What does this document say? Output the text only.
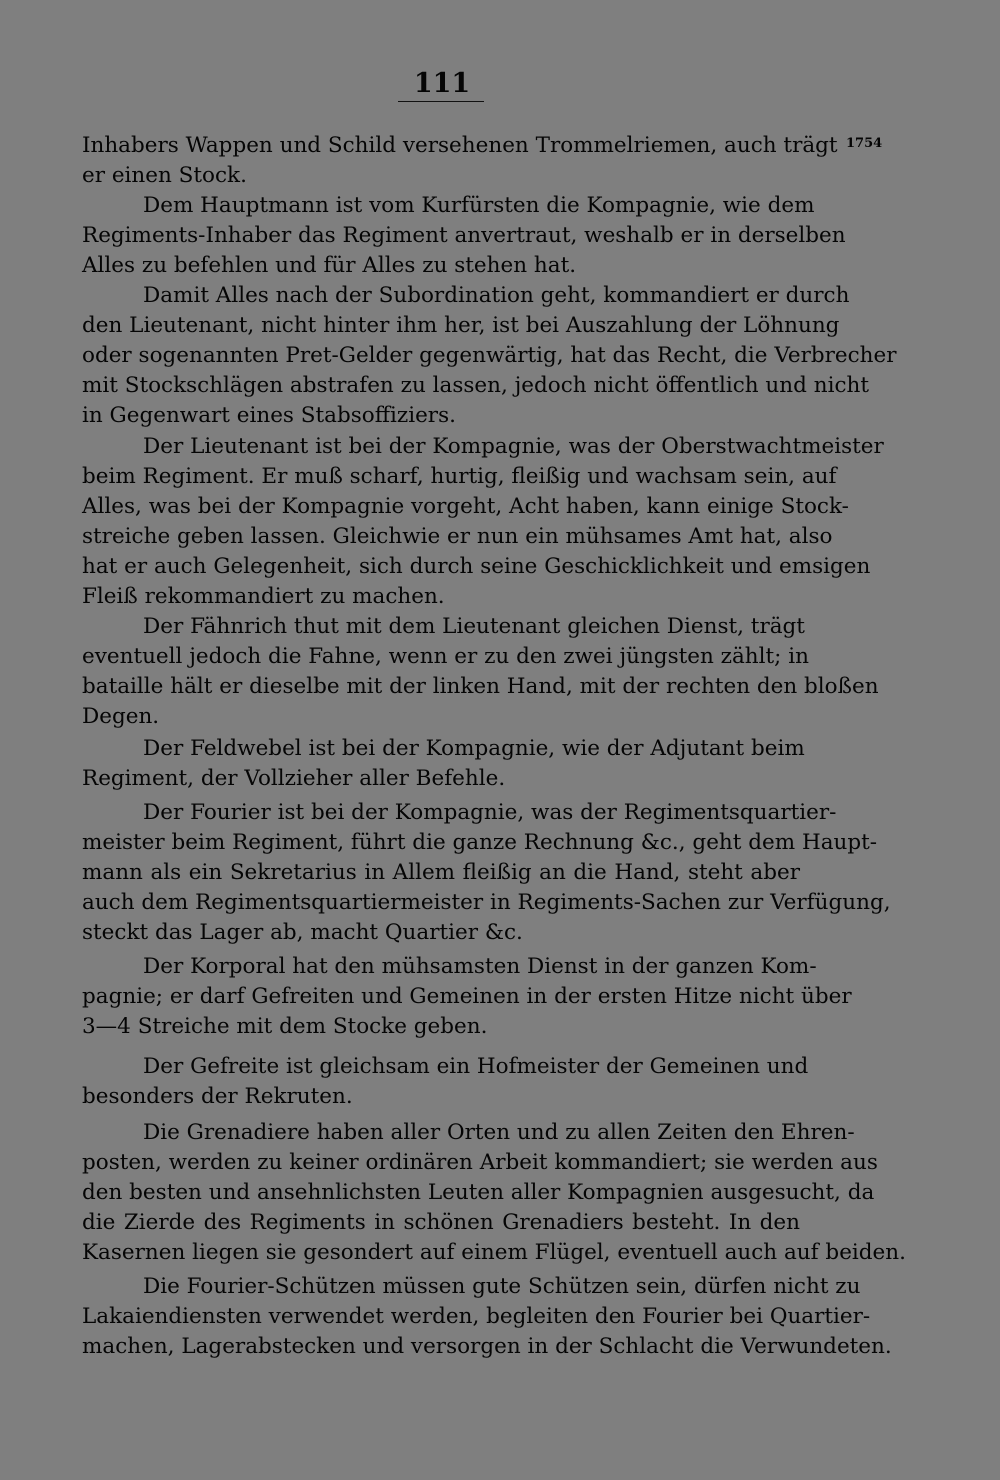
111
1754
Inhabers Wappen und Schild versehenen Trommelriemen, auch trägt
er einen Stock.
Dem Hauptmann ist vom Kurfürsten die Kompagnie, wie dem
Regiments-Inhaber das Regiment anvertraut, weshalb er in derselben
Alles zu befehlen und für Alles zu stehen hat.
Damit Alles nach der Subordination geht, kommandiert er durch
den Lieutenant, nicht hinter ihm her, ist bei Auszahlung der Löhnung
oder sogenannten Pret-Gelder gegenwärtig, hat das Recht, die Verbrecher
mit Stockschlägen abstrafen zu lassen, jedoch nicht öffentlich und nicht
in Gegenwart eines Stabsoffiziers.
Der Lieutenant ist bei der Kompagnie, was der Oberstwachtmeister
beim Regiment. Er muß scharf, hurtig, fleißig und wachsam sein, auf
Alles, was bei der Kompagnie vorgeht, Acht haben, kann einige Stock-
streiche geben lassen. Gleichwie er nun ein mühsames Amt hat, also
hat er auch Gelegenheit, sich durch seine Geschicklichkeit und emsigen
Fleiß rekommandiert zu machen.
Der Fähnrich thut mit dem Lieutenant gleichen Dienst, trägt
eventuell jedoch die Fahne, wenn er zu den zwei jüngsten zählt; in
bataille hält er dieselbe mit der linken Hand, mit der rechten den bloßen
Degen.
Der Feldwebel ist bei der Kompagnie, wie der Adjutant beim
Regiment, der Vollzieher aller Befehle.
Der Fourier ist bei der Kompagnie, was der Regimentsquartier-
meister beim Regiment, führt die ganze Rechnung &c., geht dem Haupt-
mann als ein Sekretarius in Allem fleißig an die Hand, steht aber
auch dem Regimentsquartiermeister in Regiments-Sachen zur Verfügung,
steckt das Lager ab, macht Quartier &c.
Der Korporal hat den mühsamsten Dienst in der ganzen Kom-
pagnie; er darf Gefreiten und Gemeinen in der ersten Hitze nicht über
3—4 Streiche mit dem Stocke geben.
Der Gefreite ist gleichsam ein Hofmeister der Gemeinen und
besonders der Rekruten.
Die Grenadiere haben aller Orten und zu allen Zeiten den Ehren-
posten, werden zu keiner ordinären Arbeit kommandiert; sie werden aus
den besten und ansehnlichsten Leuten aller Kompagnien ausgesucht, da
die Zierde des Regiments in schönen Grenadiers besteht. In den
Kasernen liegen sie gesondert auf einem Flügel, eventuell auch auf beiden.
Die Fourier-Schützen müssen gute Schützen sein, dürfen nicht zu
Lakaiendiensten verwendet werden, begleiten den Fourier bei Quartier-
machen, Lagerabstecken und versorgen in der Schlacht die Verwundeten.
